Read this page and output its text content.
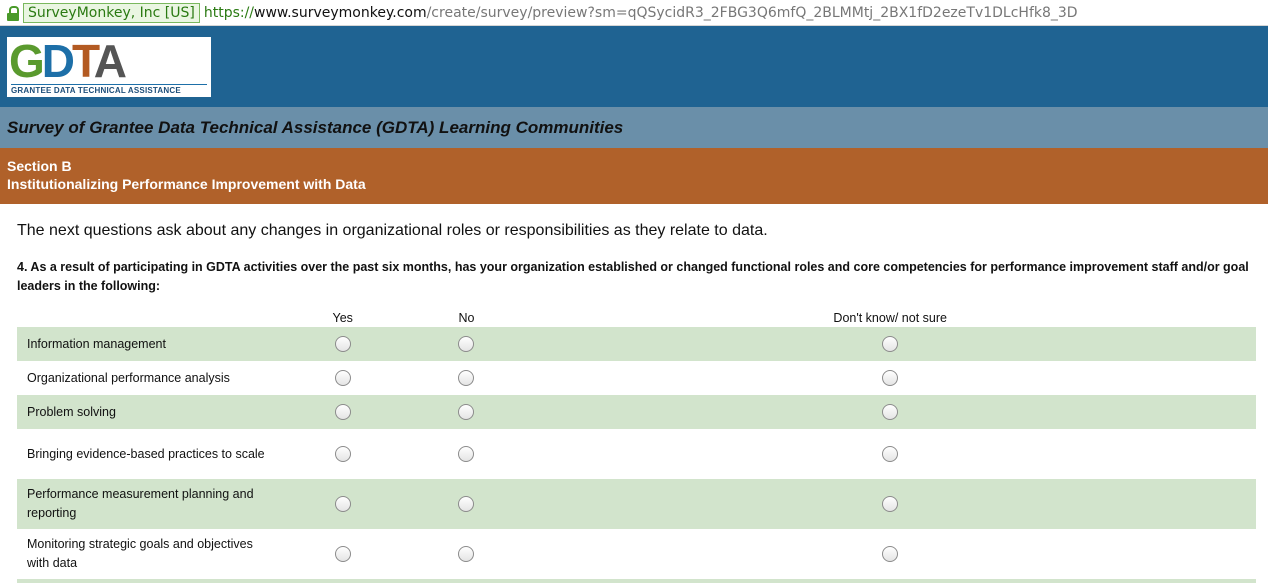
SurveyMonkey, Inc [US] https://www.surveymonkey.com/create/survey/preview?sm=qQSycidR3_2FBG3Q6mfQ_2BLMMtj_2BX1fD2ezeTv1DLcHfk8_3D
GDTA
GRANTEE DATA TECHNICAL ASSISTANCE
Survey of Grantee Data Technical Assistance (GDTA) Learning Communities
Section B
Institutionalizing Performance Improvement with Data
The next questions ask about any changes in organizational roles or responsibilities as they relate to data.
4. As a result of participating in GDTA activities over the past six months, has your organization established or changed functional roles and core competencies for performance improvement staff and/or goal leaders in the following:
	Yes	No	Don't know/ not sure
Information management			
Organizational performance analysis			
Problem solving			
Bringing evidence-based practices to scale			
Performance measurement planning and reporting			
Monitoring strategic goals and objectives with data			
